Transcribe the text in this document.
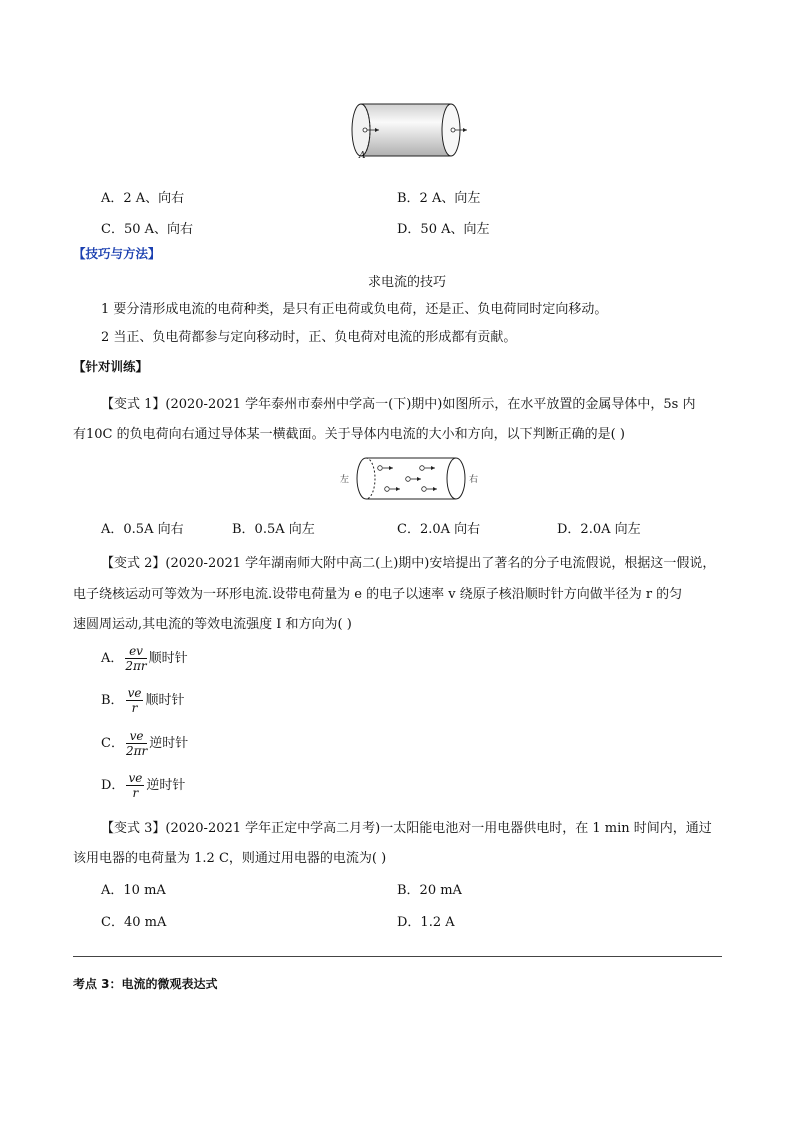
A
A．2 A、向右	B．2 A、向左
C．50 A、向右	D．50 A、向左
【技巧与方法】
求电流的技巧
1 要分清形成电流的电荷种类，是只有正电荷或负电荷，还是正、负电荷同时定向移动。
2 当正、负电荷都参与定向移动时，正、负电荷对电流的形成都有贡献。
【针对训练】
【变式 1】(2020-2021 学年泰州市泰州中学高一(下)期中)如图所示，在水平放置的金属导体中，5s 内
有10C 的负电荷向右通过导体某一横截面。关于导体内电流的大小和方向，以下判断正确的是( )
左	右
A．0.5A 向右	B．0.5A 向左	C．2.0A 向右	D．2.0A 向左
【变式 2】(2020-2021 学年湖南师大附中高二(上)期中)安培提出了著名的分子电流假说，根据这一假说，
电子绕核运动可等效为一环形电流.设带电荷量为 e 的电子以速率 v 绕原子核沿顺时针方向做半径为 r 的匀
速圆周运动,其电流的等效电流强度 I 和方向为( )
A． $\frac{ev}{2\pi r}$ 顺时针
B． $\frac{ve}{r}$ 顺时针
C． $\frac{ve}{2\pi r}$ 逆时针
D． $\frac{ve}{r}$ 逆时针
【变式 3】(2020-2021 学年正定中学高二月考)一太阳能电池对一用电器供电时，在 1 min 时间内，通过
该用电器的电荷量为 1.2 C，则通过用电器的电流为( )
A．10 mA	B．20 mA
C．40 mA	D．1.2 A
考点 3：电流的微观表达式
